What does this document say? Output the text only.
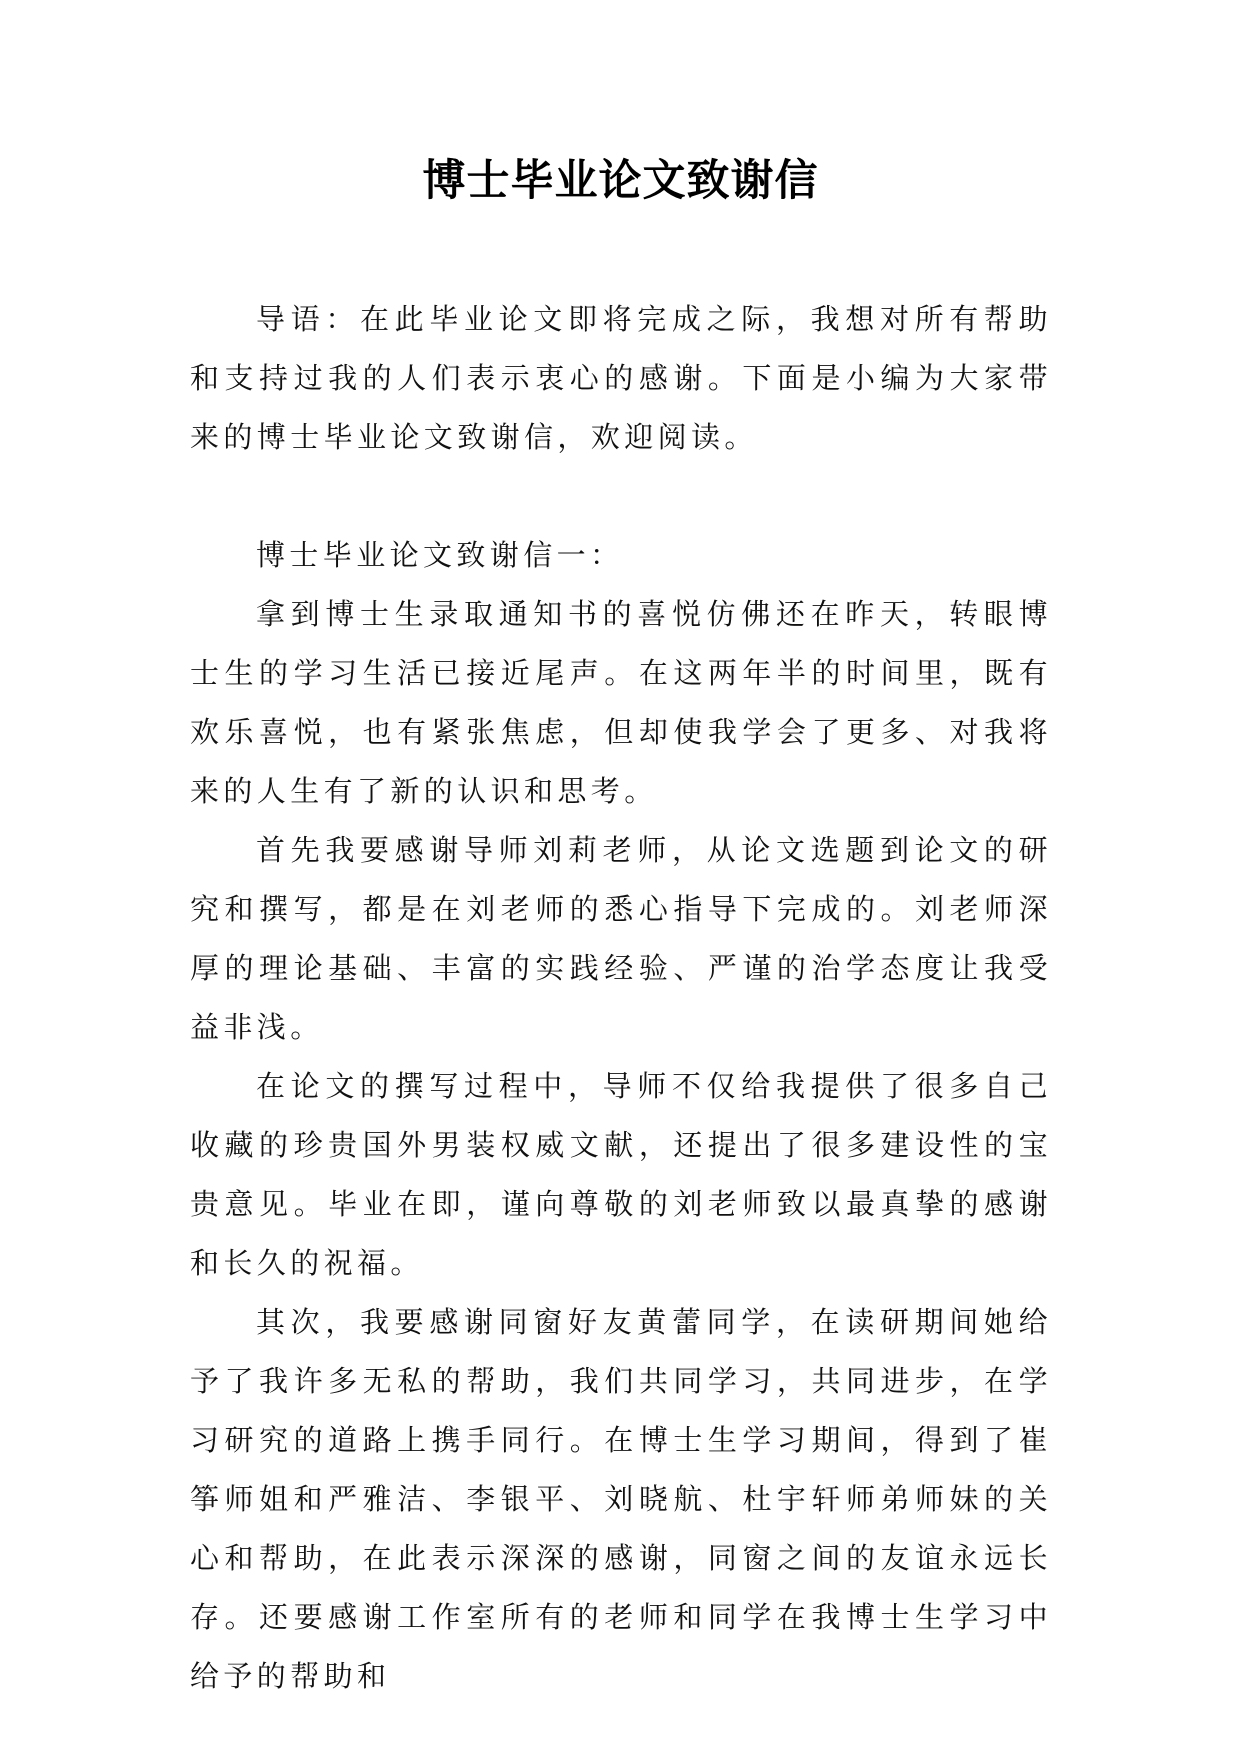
博士毕业论文致谢信

导语：在此毕业论文即将完成之际，我想对所有帮助和支持过我的人们表示衷心的感谢。下面是小编为大家带来的博士毕业论文致谢信，欢迎阅读。

博士毕业论文致谢信一：

拿到博士生录取通知书的喜悦仿佛还在昨天，转眼博士生的学习生活已接近尾声。在这两年半的时间里，既有欢乐喜悦，也有紧张焦虑，但却使我学会了更多、对我将来的人生有了新的认识和思考。

首先我要感谢导师刘莉老师，从论文选题到论文的研究和撰写，都是在刘老师的悉心指导下完成的。刘老师深厚的理论基础、丰富的实践经验、严谨的治学态度让我受益非浅。

在论文的撰写过程中，导师不仅给我提供了很多自己收藏的珍贵国外男装权威文献，还提出了很多建设性的宝贵意见。毕业在即，谨向尊敬的刘老师致以最真挚的感谢和长久的祝福。

其次，我要感谢同窗好友黄蕾同学，在读研期间她给予了我许多无私的帮助，我们共同学习，共同进步，在学习研究的道路上携手同行。在博士生学习期间，得到了崔筝师姐和严雅洁、李银平、刘晓航、杜宇轩师弟师妹的关心和帮助，在此表示深深的感谢，同窗之间的友谊永远长存。还要感谢工作室所有的老师和同学在我博士生学习中给予的帮助和
